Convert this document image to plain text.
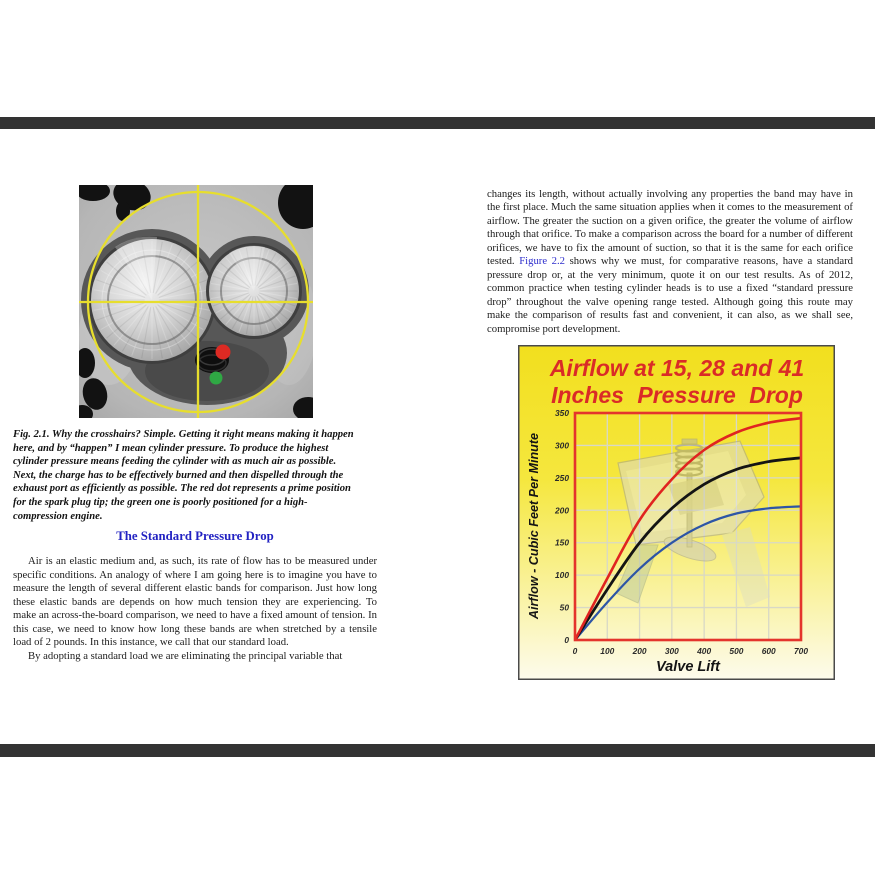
Fig. 2.1. Why the crosshairs? Simple. Getting it right means making it happen
here, and by “happen” I mean cylinder pressure. To produce the highest
cylinder pressure means feeding the cylinder with as much air as possible.
Next, the charge has to be effectively burned and then dispelled through the
exhaust port as efficiently as possible. The red dot represents a prime position
for the spark plug tip; the green one is poorly positioned for a high-
compression engine.
The Standard Pressure Drop

Air is an elastic medium and, as such, its rate of flow has to be measured under specific conditions. An analogy of where I am going here is to imagine you have to measure the length of several different elastic bands for comparison. Just how long these elastic bands are depends on how much tension they are experiencing. To make an across-the-board comparison, we need to have a fixed amount of tension. In this case, we need to know how long these bands are when stretched by a tensile load of 2 pounds. In this instance, we call that our standard load.

By adopting a standard load we are eliminating the principal variable that

changes its length, without actually involving any properties the band may have in the first place. Much the same situation applies when it comes to the measurement of airflow. The greater the suction on a given orifice, the greater the volume of airflow through that orifice. To make a comparison across the board for a number of different orifices, we have to fix the amount of suction, so that it is the same for each orifice tested. Figure 2.2 shows why we must, for comparative reasons, have a standard pressure drop or, at the very minimum, quote it on our test results. As of 2012, common practice when testing cylinder heads is to use a fixed “standard pressure drop” throughout the valve opening range tested. Although going this route may make the comparison of results fast and convenient, it can also, as we shall see, compromise port development.
Airflow at 15, 28 and 41
Inches Pressure Drop
0
50
100
150
200
250
300
350
0	100 200 300 400 500 600 700
Airflow - Cubic Feet Per Minute
Valve Lift
